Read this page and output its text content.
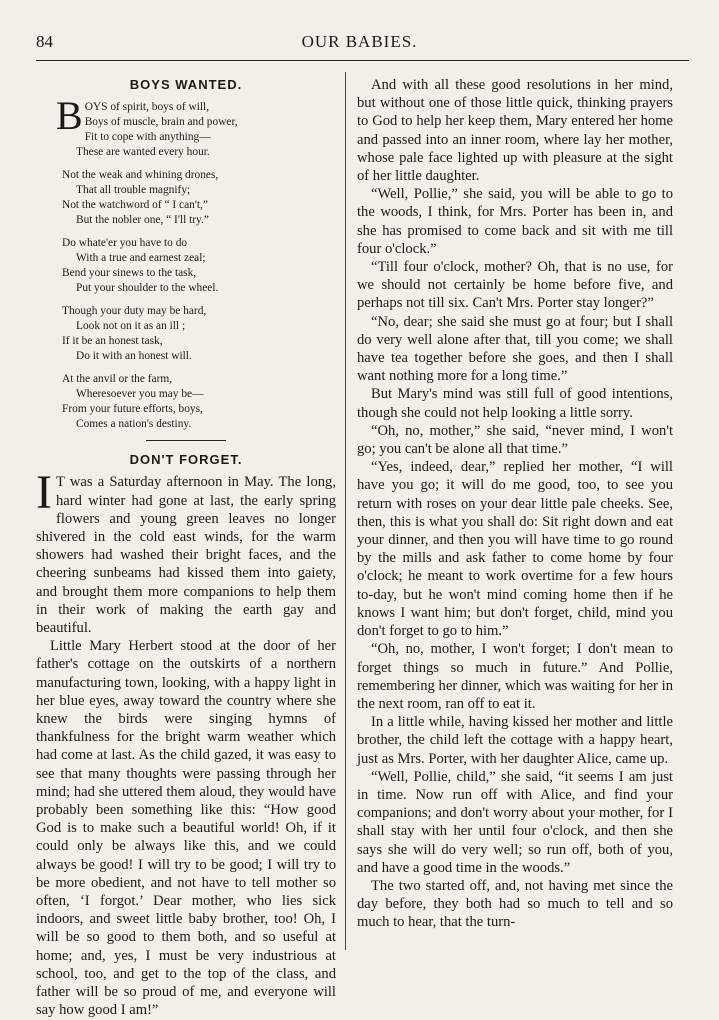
84	OUR BABIES.
BOYS WANTED.
B OYS of spirit, boys of will,
Boys of muscle, brain and power,
Fit to cope with anything—
These are wanted every hour.
Not the weak and whining drones,
That all trouble magnify;
Not the watchword of “ I can't,”
But the nobler one, “ I'll try.”
Do whate'er you have to do
With a true and earnest zeal;
Bend your sinews to the task,
Put your shoulder to the wheel.
Though your duty may be hard,
Look not on it as an ill ;
If it be an honest task,
Do it with an honest will.
At the anvil or the farm,
Wheresoever you may be—
From your future efforts, boys,
Comes a nation's destiny.
DON'T FORGET.

I T was a Saturday afternoon in May. The long, hard winter had gone at last, the early spring flowers and young green leaves no longer shivered in the cold east winds, for the warm showers had washed their bright faces, and the cheering sunbeams had kissed them into gaiety, and brought them more companions to help them in their work of making the earth gay and beautiful.

Little Mary Herbert stood at the door of her father's cottage on the outskirts of a northern manufacturing town, looking, with a happy light in her blue eyes, away toward the country where she knew the birds were singing hymns of thankfulness for the bright warm weather which had come at last. As the child gazed, it was easy to see that many thoughts were passing through her mind; had she uttered them aloud, they would have probably been something like this: “How good God is to make such a beautiful world! Oh, if it could only be always like this, and we could always be good! I will try to be good; I will try to be more obedient, and not have to tell mother so often, ‘I forgot.’ Dear mother, who lies sick indoors, and sweet little baby brother, too! Oh, I will be so good to them both, and so useful at home; and, yes, I must be very industrious at school, too, and get to the top of the class, and father will be so proud of me, and everyone will say how good I am!”

And with all these good resolutions in her mind, but without one of those little quick, thinking prayers to God to help her keep them, Mary entered her home and passed into an inner room, where lay her mother, whose pale face lighted up with pleasure at the sight of her little daughter.

“Well, Pollie,” she said, you will be able to go to the woods, I think, for Mrs. Porter has been in, and she has promised to come back and sit with me till four o'clock.”

“Till four o'clock, mother? Oh, that is no use, for we should not certainly be home before five, and perhaps not till six. Can't Mrs. Porter stay longer?”

“No, dear; she said she must go at four; but I shall do very well alone after that, till you come; we shall have tea together before she goes, and then I shall want nothing more for a long time.”

But Mary's mind was still full of good intentions, though she could not help looking a little sorry.

“Oh, no, mother,” she said, “never mind, I won't go; you can't be alone all that time.”

“Yes, indeed, dear,” replied her mother, “I will have you go; it will do me good, too, to see you return with roses on your dear little pale cheeks. See, then, this is what you shall do: Sit right down and eat your dinner, and then you will have time to go round by the mills and ask father to come home by four o'clock; he meant to work overtime for a few hours to-day, but he won't mind coming home then if he knows I want him; but don't forget, child, mind you don't forget to go to him.”

“Oh, no, mother, I won't forget; I don't mean to forget things so much in future.” And Pollie, remembering her dinner, which was waiting for her in the next room, ran off to eat it.

In a little while, having kissed her mother and little brother, the child left the cottage with a happy heart, just as Mrs. Porter, with her daughter Alice, came up.

“Well, Pollie, child,” she said, “it seems I am just in time. Now run off with Alice, and find your companions; and don't worry about your mother, for I shall stay with her until four o'clock, and then she says she will do very well; so run off, both of you, and have a good time in the woods.”

The two started off, and, not having met since the day before, they both had so much to tell and so much to hear, that the turn-
